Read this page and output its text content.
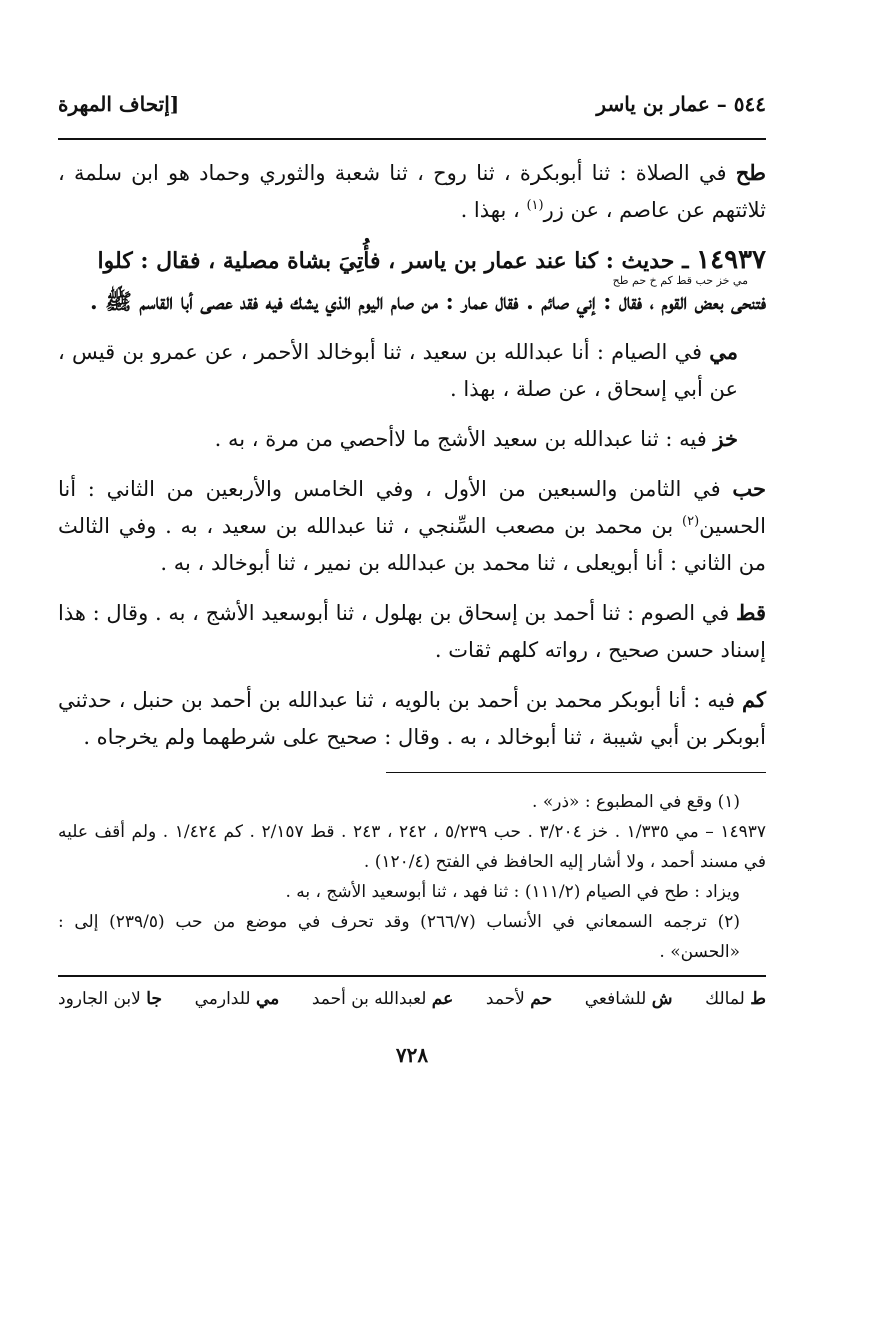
٥٤٤ – عمار بن ياسر
[إتحاف المهرة

طح في الصلاة : ثنا أبوبكرة ، ثنا روح ، ثنا شعبة والثوري وحماد هو ابن سلمة ، ثلاثتهم عن عاصم ، عن زر$^{(١)}$ ، بهذا .

١٤٩٣٧ ـ حديث : كنا عند عمار بن ياسر ، فأُتِيَ بشاة مصلية ، فقال : كلوا
مي خز حب قط كم خ حم طح
فتنحى بعض القوم ، فقال : إني صائم . فقال عمار : من صام اليوم الذي يشك فيه فقد عصى أبا القاسم ﷺ .

مي في الصيام : أنا عبدالله بن سعيد ، ثنا أبوخالد الأحمر ، عن عمرو بن قيس ، عن أبي إسحاق ، عن صلة ، بهذا .

خز فيه : ثنا عبدالله بن سعيد الأشج ما لاأحصي من مرة ، به .

حب في الثامن والسبعين من الأول ، وفي الخامس والأربعين من الثاني : أنا الحسين$^{(٢)}$ بن محمد بن مصعب السِّنجي ، ثنا عبدالله بن سعيد ، به . وفي الثالث من الثاني : أنا أبويعلى ، ثنا محمد بن عبدالله بن نمير ، ثنا أبوخالد ، به .

قط في الصوم : ثنا أحمد بن إسحاق بن بهلول ، ثنا أبوسعيد الأشج ، به . وقال : هذا إسناد حسن صحيح ، رواته كلهم ثقات .

كم فيه : أنا أبوبكر محمد بن أحمد بن بالويه ، ثنا عبدالله بن أحمد بن حنبل ، حدثني أبوبكر بن أبي شيبة ، ثنا أبوخالد ، به . وقال : صحيح على شرطهما ولم يخرجاه .

(١) وقع في المطبوع : «ذر» .

١٤٩٣٧ – مي ١/٣٣٥ . خز ٣/٢٠٤ . حب ٥/٢٣٩ ، ٢٤٢ ، ٢٤٣ . قط ٢/١٥٧ . كم ١/٤٢٤ . ولم أقف عليه في مسند أحمد ، ولا أشار إليه الحافظ في الفتح (١٢٠/٤) .

ويزاد : طح في الصيام (١١١/٢) : ثنا فهد ، ثنا أبوسعيد الأشج ، به .

(٢) ترجمه السمعاني في الأنساب (٢٦٦/٧) وقد تحرف في موضع من حب (٢٣٩/٥) إلى : «الحسن» .

ط لمالك
ش للشافعي
حم لأحمد
عم لعبدالله بن أحمد
مي للدارمي
جا لابن الجارود
٧٢٨
